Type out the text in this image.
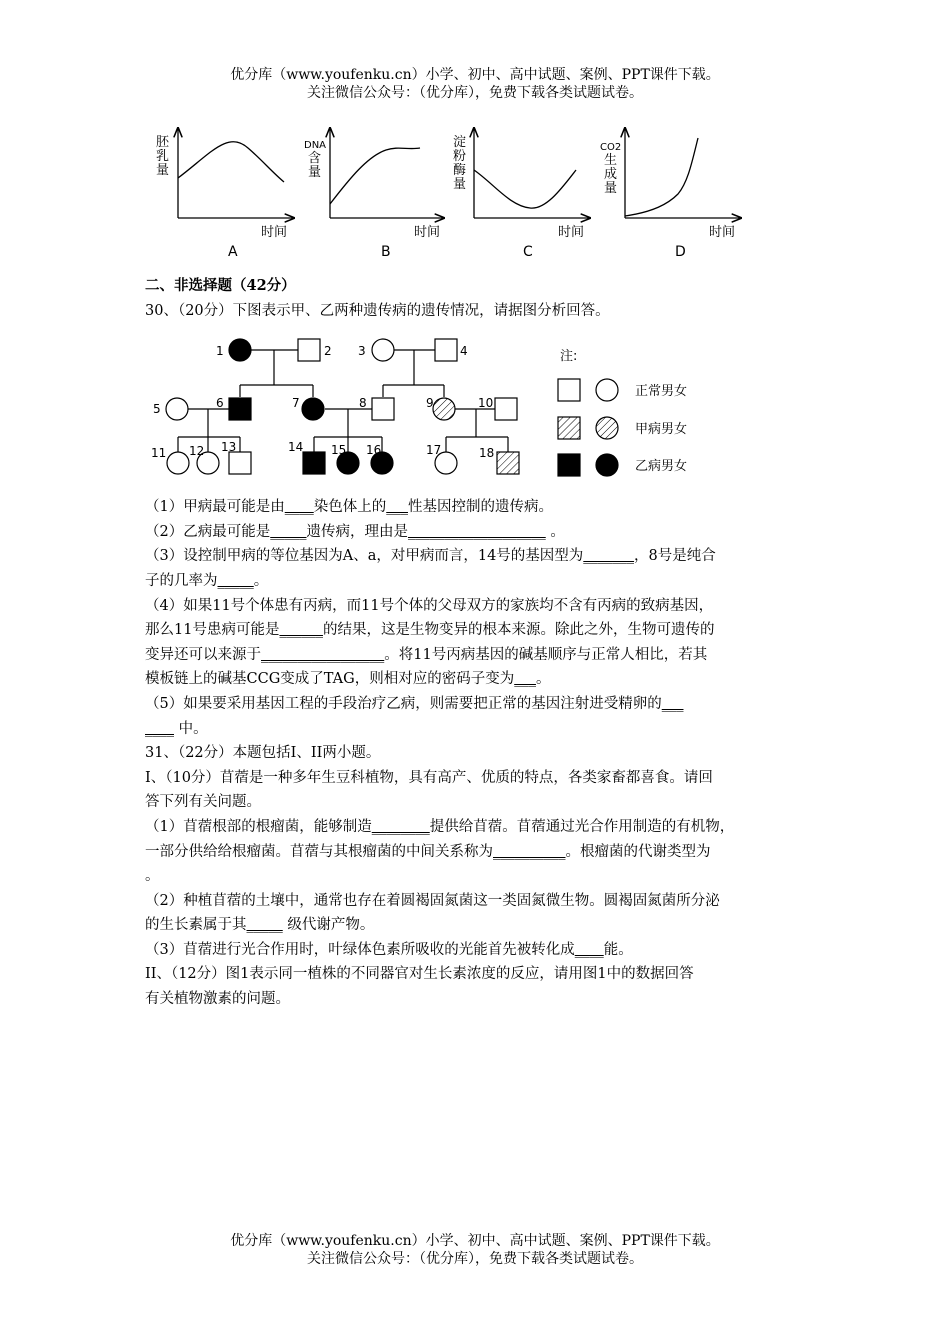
优分库（www.youfenku.cn）小学、初中、高中试题、案例、PPT课件下载。
关注微信公众号：（优分库），免费下载各类试题试卷。
胚
乳
量
时间
A
DNA
含
量
时间
B
淀
粉
酶
量
时间
C
CO2
生
成
量
时间
D
1	2 3	4
5	6	7	8	9	10
11 12 13	14 15 16	17	18
注:
正常男女
甲病男女
乙病男女

二、非选择题（42分）

30、（20分）下图表示甲、乙两种遗传病的遗传情况，请据图分析回答。

（1）甲病最可能是由____染色体上的___性基因控制的遗传病。

（2）乙病最可能是_____遗传病，理由是___________________ 。

（3）设控制甲病的等位基因为A、a，对甲病而言，14号的基因型为_______，8号是纯合

子的几率为_____。

（4）如果11号个体患有丙病，而11号个体的父母双方的家族均不含有丙病的致病基因，

那么11号患病可能是______的结果，这是生物变异的根本来源。除此之外，生物可遗传的

变异还可以来源于_________________。将11号丙病基因的碱基顺序与正常人相比，若其

模板链上的碱基CCG变成了TAG，则相对应的密码子变为___。

（5）如果要采用基因工程的手段治疗乙病，则需要把正常的基因注射进受精卵的___

____ 中。

31、（22分）本题包括I、II两小题。

I、（10分）苜蓿是一种多年生豆科植物，具有高产、优质的特点，各类家畜都喜食。请回

答下列有关问题。

（1）苜蓿根部的根瘤菌，能够制造________提供给苜蓿。苜蓿通过光合作用制造的有机物，

一部分供给给根瘤菌。苜蓿与其根瘤菌的中间关系称为__________。根瘤菌的代谢类型为

。

（2）种植苜蓿的土壤中，通常也存在着圆褐固氮菌这一类固氮微生物。圆褐固氮菌所分泌

的生长素属于其_____ 级代谢产物。

（3）苜蓿进行光合作用时，叶绿体色素所吸收的光能首先被转化成____能。

II、（12分）图1表示同一植株的不同器官对生长素浓度的反应，请用图1中的数据回答

有关植物激素的问题。

优分库（www.youfenku.cn）小学、初中、高中试题、案例、PPT课件下载。
关注微信公众号：（优分库），免费下载各类试题试卷。
